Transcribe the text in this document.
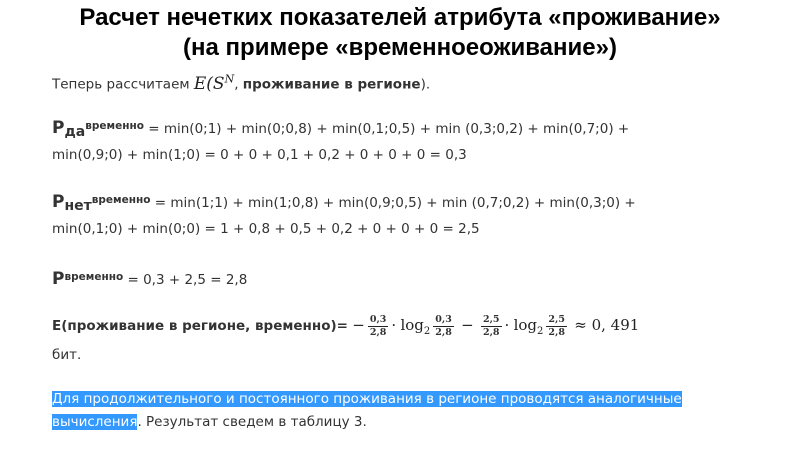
Расчет нечетких показателей атрибута «проживание»
(на примере «временноеоживание»)
Теперь рассчитаем $E(S^N$, проживание в регионе).
Pда$^{временно}$ = min(0;1) + min(0;0,8) + min(0,1;0,5) + min (0,3;0,2) + min(0,7;0) +
min(0,9;0) + min(1;0) = 0 + 0 + 0,1 + 0,2 + 0 + 0 + 0 = 0,3
Pнет$^{временно}$ = min(1;1) + min(1;0,8) + min(0,9;0,5) + min (0,7;0,2) + min(0,3;0) +
min(0,1;0) + min(0;0) = 1 + 0,8 + 0,5 + 0,2 + 0 + 0 + 0 = 2,5
$P^{временно} = 0,3 + 2,5 = 2,8$
E(проживание в регионе, временно)= − $\frac{0,3}{2,8} \cdot \log_2 \frac{0,3}{2,8} - \frac{2,5}{2,8} \cdot \log_2 \frac{2,5}{2,8} \approx 0$, 491
бит.
Для продолжительного и постоянного проживания в регионе проводятся аналогичные
вычисления. Результат сведем в таблицу 3.
